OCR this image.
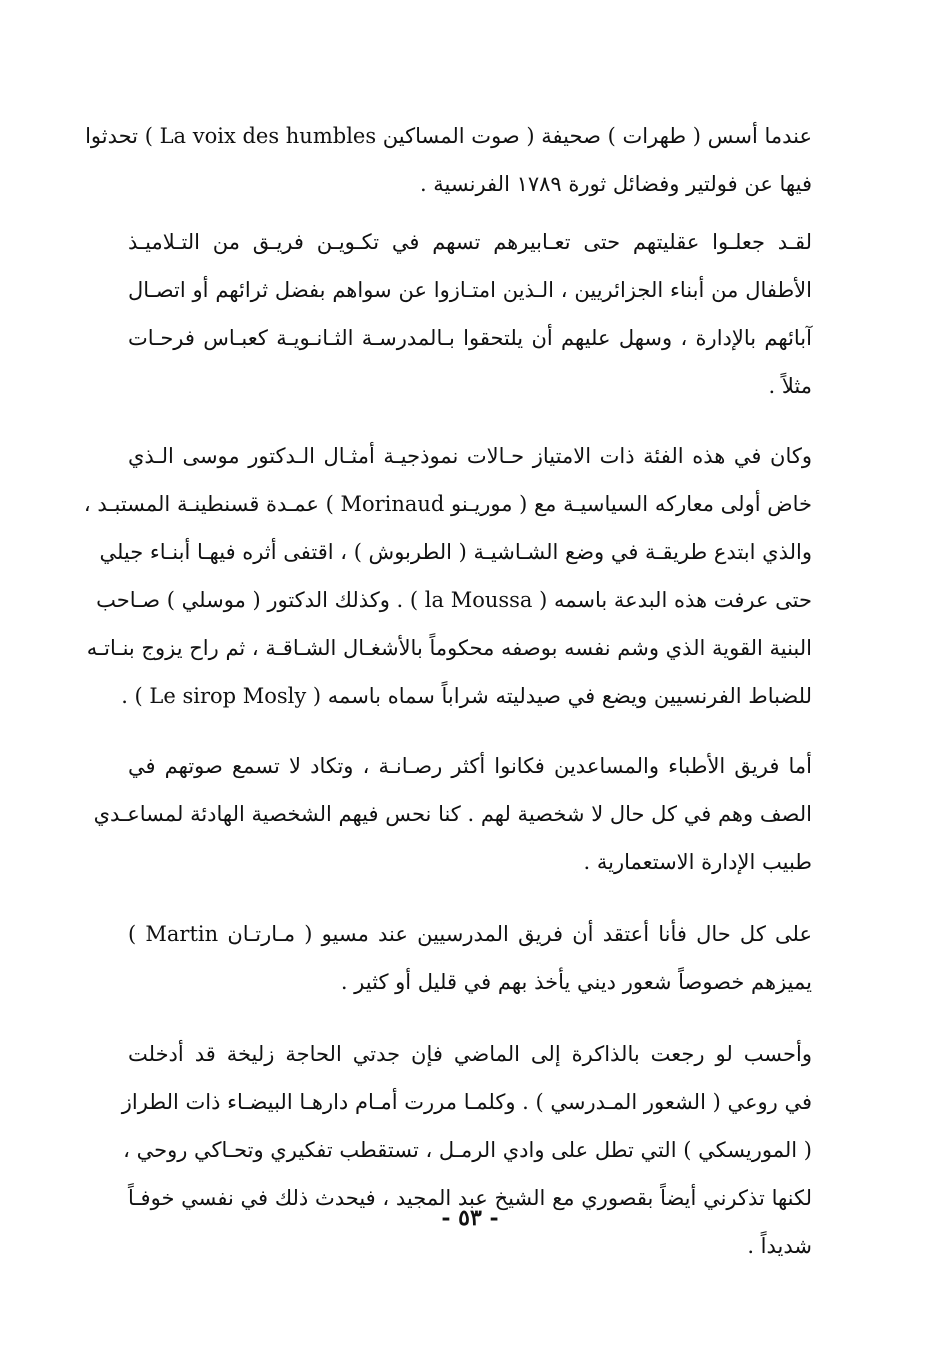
عندما أسس ( طهرات ) صحيفة ( صوت المساكين La voix des humbles ) تحدثوا
فيها عن فولتير وفضائل ثورة ١٧٨٩ الفرنسية .
لقـد جعلـوا عقليتهم حتى تعـابيرهم تسهم في تكـويـن فريـق من التـلاميـذ
الأطفال من أبناء الجزائريين ، الـذين امتـازوا عن سواهم بفضل ثرائهم أو اتصـال
آبائهم بالإدارة ، وسهل عليهم أن يلتحقوا بـالمدرسـة الثـانـويـة كعبـاس فرحـات
مثلاً .
وكان في هذه الفئة ذات الامتياز حـالات نموذجيـة أمثـال الـدكتور موسى الـذي
خاض أولى معاركه السياسيـة مع ( موريـنو Morinaud ) عمـدة قسنطينـة المستبـد ،
والذي ابتدع طريقـة في وضع الشـاشيـة ( الطربوش ) ، اقتفى أثره فيهـا أبنـاء جيلي
حتى عرفت هذه البدعة باسمه ( la Moussa ) . وكذلك الدكتور ( موسلي ) صـاحب
البنية القوية الذي وشم نفسه بوصفه محكوماً بالأشغـال الشـاقـة ، ثم راح يزوج بنـاتـه
للضباط الفرنسيين ويضع في صيدليته شراباً سماه باسمه ( Le sirop Mosly ) .
أما فريق الأطباء والمساعدين فكانوا أكثر رصـانـة ، وتكاد لا تسمع صوتهم في
الصف وهم في كل حال لا شخصية لهم . كنا نحس فيهم الشخصية الهادئة لمساعـدي
طبيب الإدارة الاستعمارية .
على كل حال فأنا أعتقد أن فريق المدرسيين عند مسيو ( مـارتـان Martin )
يميزهم خصوصاً شعور ديني يأخذ بهم في قليل أو كثير .
وأحسب لو رجعت بالذاكرة إلى الماضي فإن جدتي الحاجة زليخة قد أدخلت
في روعي ( الشعور المـدرسي ) . وكلمـا مررت أمـام دارهـا البيضـاء ذات الطراز
( الموريسكي ) التي تطل على وادي الرمـل ، تستقطب تفكيري وتحـاكي روحي ،
لكنها تذكرني أيضاً بقصوري مع الشيخ عبد المجيد ، فيحدث ذلك في نفسي خوفـاً
شديداً .
- ٥٣ -
